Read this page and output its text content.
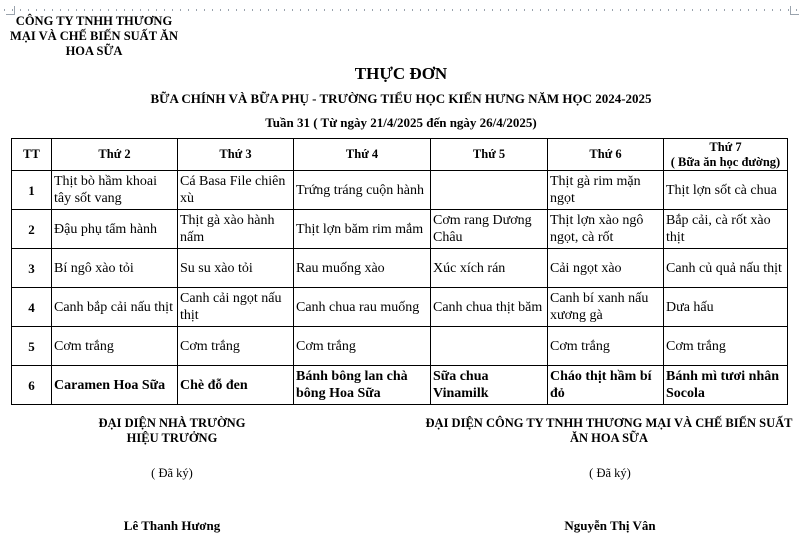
CÔNG TY TNHH THƯƠNG
MẠI VÀ CHẾ BIẾN SUẤT ĂN
HOA SỮA
THỰC ĐƠN
BỮA CHÍNH VÀ BỮA PHỤ - TRƯỜNG TIỂU HỌC KIẾN HƯNG NĂM HỌC 2024-2025
Tuần 31 ( Từ ngày 21/4/2025 đến ngày 26/4/2025)
TT	Thứ 2	Thứ 3	Thứ 4	Thứ 5	Thứ 6	Thứ 7
( Bữa ăn học đường)

1	Thịt bò hầm khoai tây sốt vang	Cá Basa File chiên xù	Trứng tráng cuộn hành		Thịt gà rim mặn ngọt	Thịt lợn sốt cà chua
2	Đậu phụ tẩm hành	Thịt gà xào hành nấm	Thịt lợn băm rim mắm	Cơm rang Dương Châu	Thịt lợn xào ngô ngọt, cà rốt	Bắp cải, cà rốt xào thịt
3	Bí ngô xào tỏi	Su su xào tỏi	Rau muống xào	Xúc xích rán	Cải ngọt xào	Canh củ quả nấu thịt
4	Canh bắp cải nấu thịt	Canh cải ngọt nấu thịt	Canh chua rau muống	Canh chua thịt băm	Canh bí xanh nấu xương gà	Dưa hấu
5	Cơm trắng	Cơm trắng	Cơm trắng		Cơm trắng	Cơm trắng
6	Caramen Hoa Sữa	Chè đỗ đen	Bánh bông lan chà bông Hoa Sữa	Sữa chua Vinamilk	Cháo thịt hầm bí đỏ	Bánh mì tươi nhân Socola
ĐẠI DIỆN NHÀ TRƯỜNG
HIỆU TRƯỞNG
( Đã ký)
Lê Thanh Hương
ĐẠI DIỆN CÔNG TY TNHH THƯƠNG MẠI VÀ CHẾ BIẾN SUẤT
ĂN HOA SỮA
( Đã ký)
Nguyễn Thị Vân
